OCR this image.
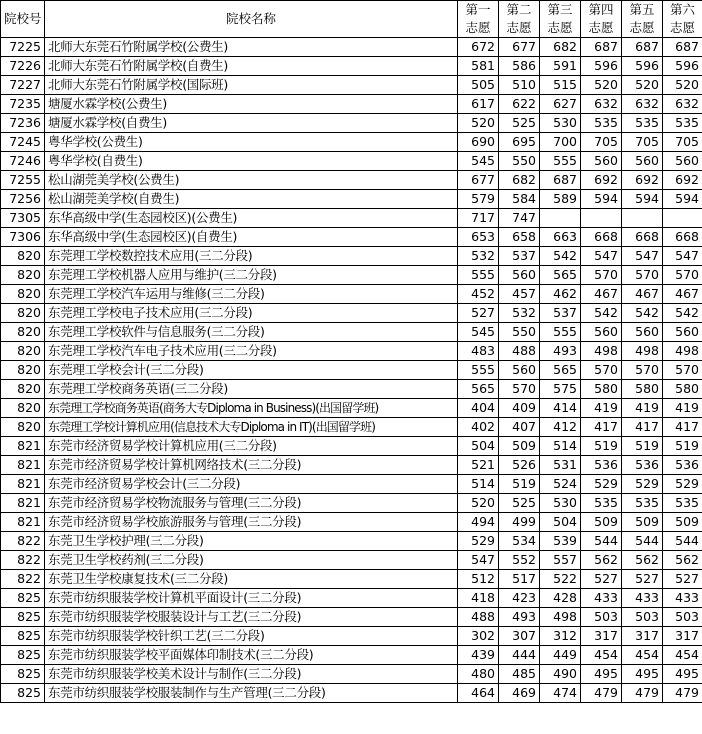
院校号	院校名称	第一志愿	第二志愿	第三志愿	第四志愿	第五志愿	第六志愿
7225	北师大东莞石竹附属学校(公费生)	672	677	682	687	687	687
7226	北师大东莞石竹附属学校(自费生)	581	586	591	596	596	596
7227	北师大东莞石竹附属学校(国际班)	505	510	515	520	520	520
7235	塘厦水霖学校(公费生)	617	622	627	632	632	632
7236	塘厦水霖学校(自费生)	520	525	530	535	535	535
7245	粤华学校(公费生)	690	695	700	705	705	705
7246	粤华学校(自费生)	545	550	555	560	560	560
7255	松山湖莞美学校(公费生)	677	682	687	692	692	692
7256	松山湖莞美学校(自费生)	579	584	589	594	594	594
7305	东华高级中学(生态园校区)(公费生)	717	747				
7306	东华高级中学(生态园校区)(自费生)	653	658	663	668	668	668
820	东莞理工学校数控技术应用(三二分段)	532	537	542	547	547	547
820	东莞理工学校机器人应用与维护(三二分段)	555	560	565	570	570	570
820	东莞理工学校汽车运用与维修(三二分段)	452	457	462	467	467	467
820	东莞理工学校电子技术应用(三二分段)	527	532	537	542	542	542
820	东莞理工学校软件与信息服务(三二分段)	545	550	555	560	560	560
820	东莞理工学校汽车电子技术应用(三二分段)	483	488	493	498	498	498
820	东莞理工学校会计(三二分段)	555	560	565	570	570	570
820	东莞理工学校商务英语(三二分段)	565	570	575	580	580	580
820	东莞理工学校商务英语(商务大专Diploma in Business)(出国留学班)	404	409	414	419	419	419
820	东莞理工学校计算机应用(信息技术大专Diploma in IT)(出国留学班)	402	407	412	417	417	417
821	东莞市经济贸易学校计算机应用(三二分段)	504	509	514	519	519	519
821	东莞市经济贸易学校计算机网络技术(三二分段)	521	526	531	536	536	536
821	东莞市经济贸易学校会计(三二分段)	514	519	524	529	529	529
821	东莞市经济贸易学校物流服务与管理(三二分段)	520	525	530	535	535	535
821	东莞市经济贸易学校旅游服务与管理(三二分段)	494	499	504	509	509	509
822	东莞卫生学校护理(三二分段)	529	534	539	544	544	544
822	东莞卫生学校药剂(三二分段)	547	552	557	562	562	562
822	东莞卫生学校康复技术(三二分段)	512	517	522	527	527	527
825	东莞市纺织服装学校计算机平面设计(三二分段)	418	423	428	433	433	433
825	东莞市纺织服装学校服装设计与工艺(三二分段)	488	493	498	503	503	503
825	东莞市纺织服装学校针织工艺(三二分段)	302	307	312	317	317	317
825	东莞市纺织服装学校平面媒体印制技术(三二分段)	439	444	449	454	454	454
825	东莞市纺织服装学校美术设计与制作(三二分段)	480	485	490	495	495	495
825	东莞市纺织服装学校服装制作与生产管理(三二分段)	464	469	474	479	479	479
